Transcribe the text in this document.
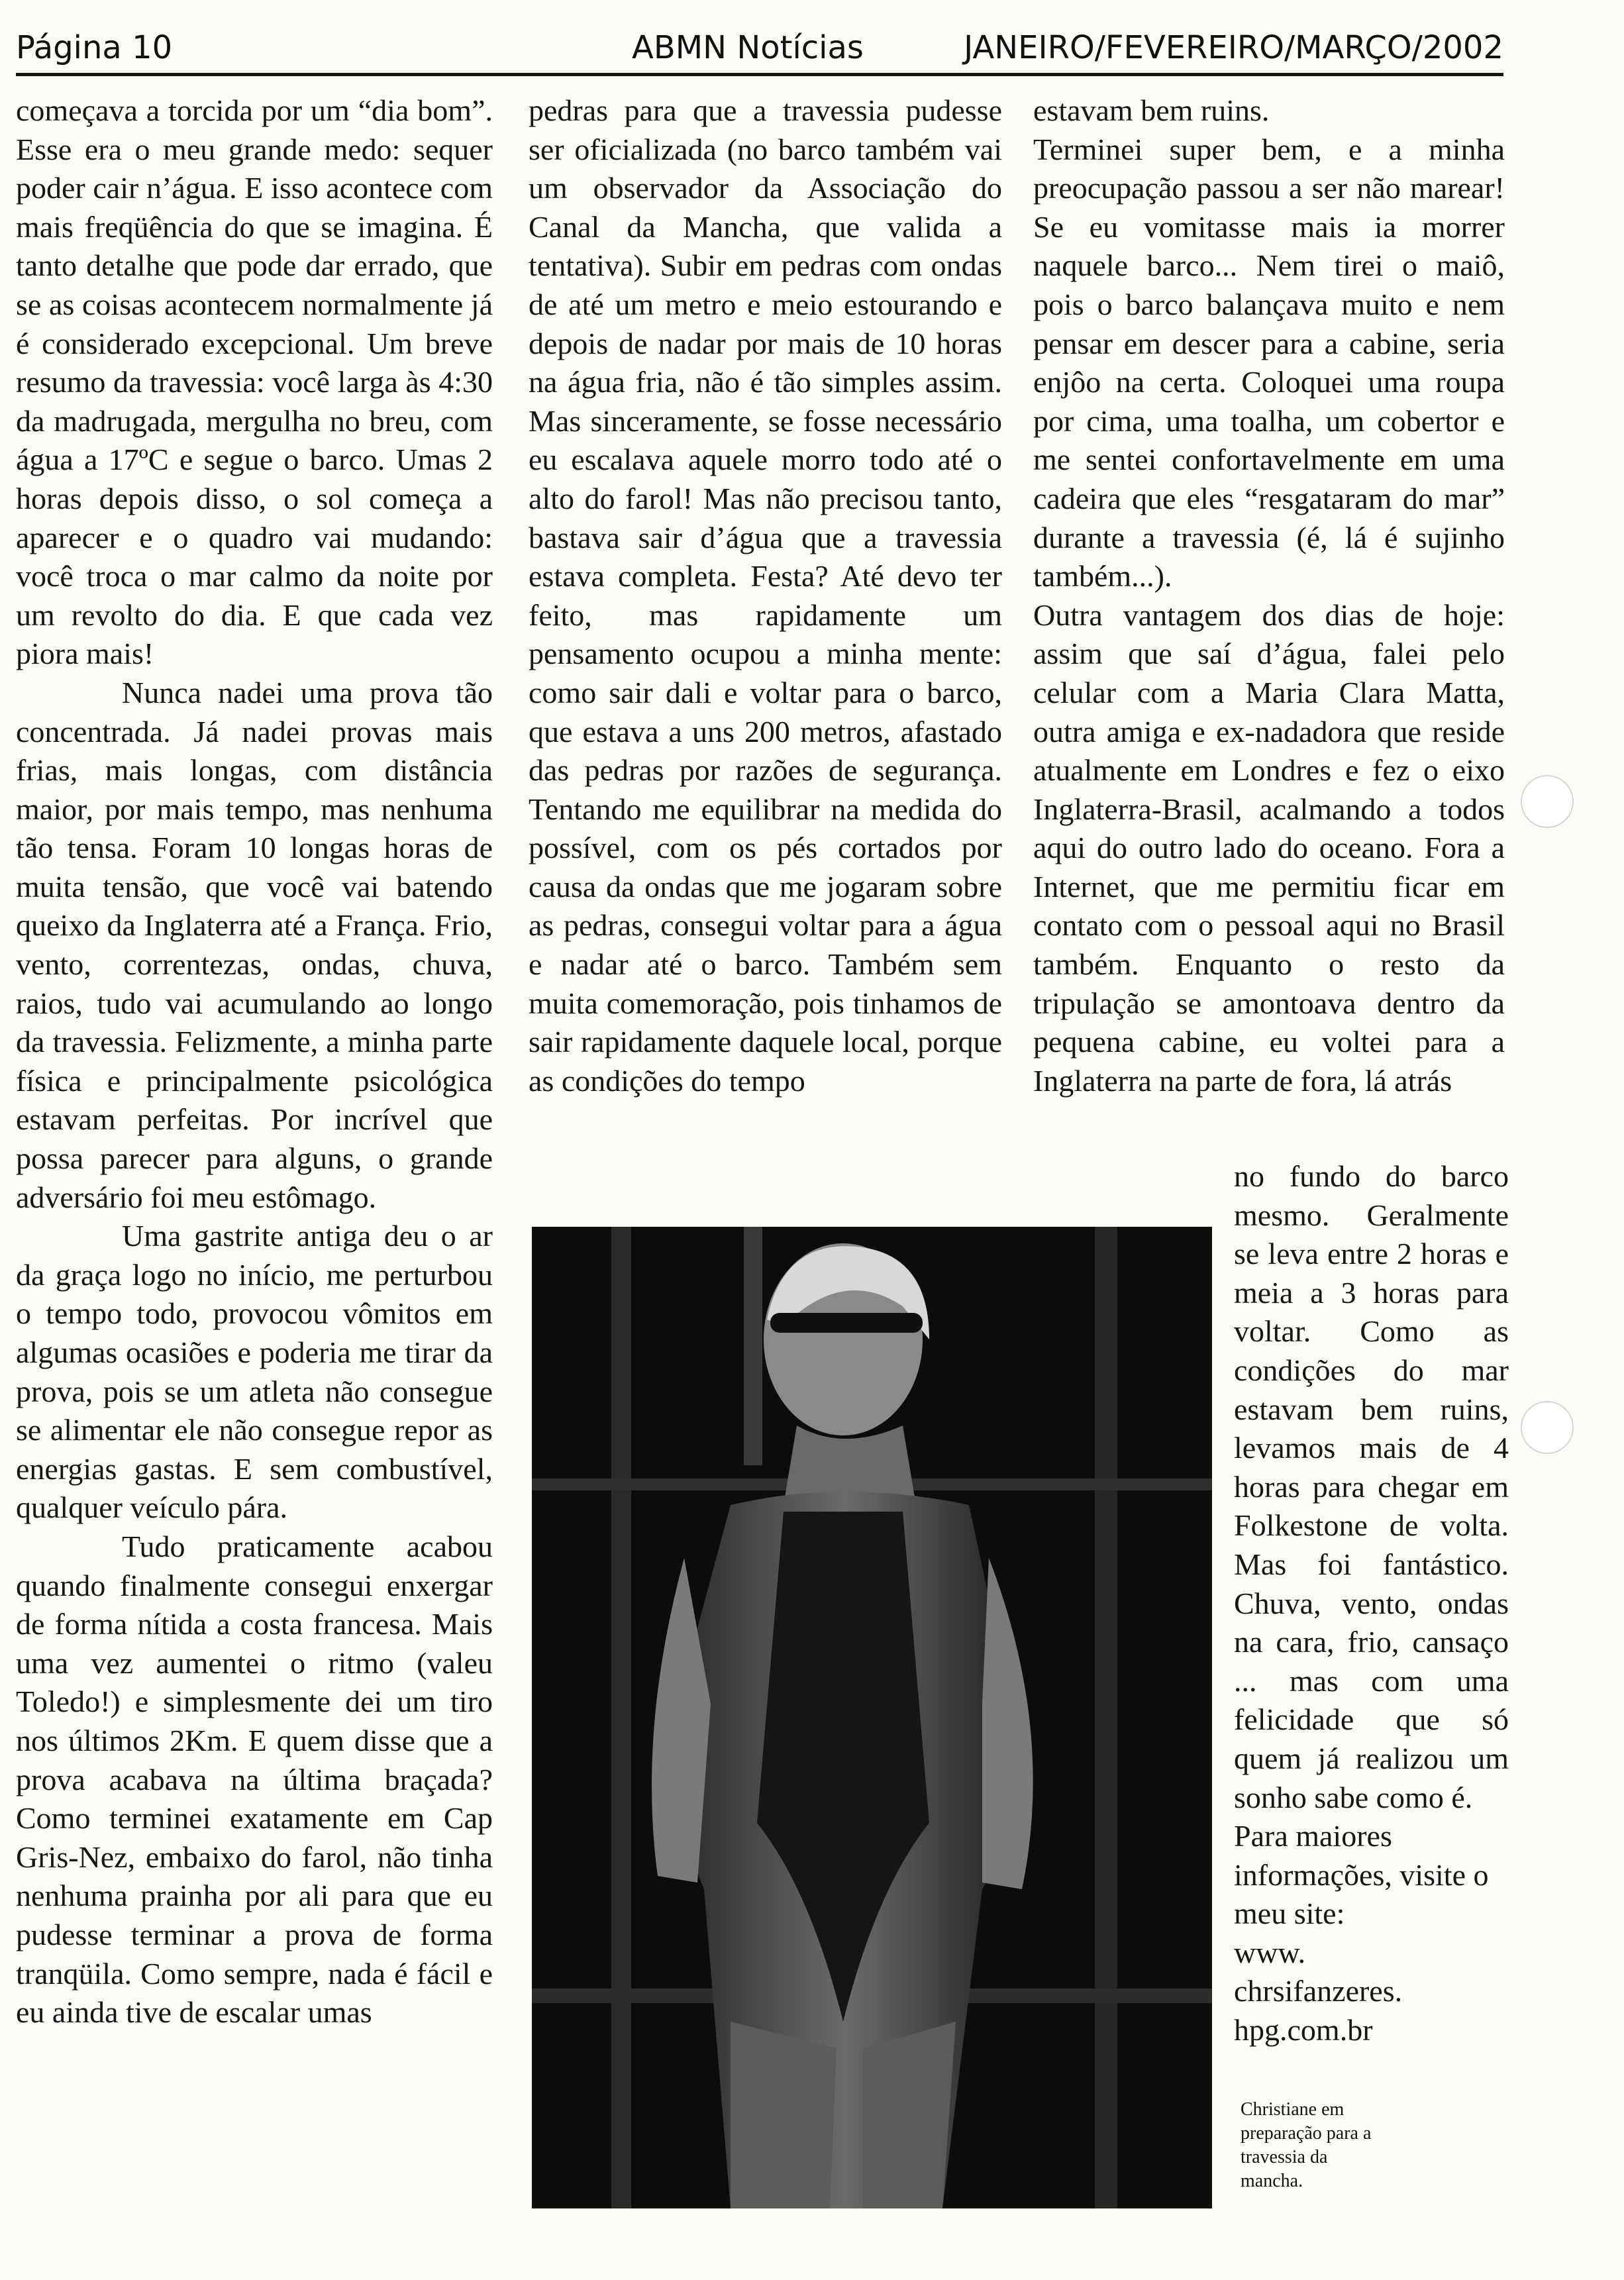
Página 10	ABMN Notícias	JANEIRO/FEVEREIRO/MARÇO/2002

começava a torcida por um “dia bom”. Esse era o meu grande medo: sequer poder cair n’água. E isso acontece com mais freqüência do que se imagina. É tanto detalhe que pode dar errado, que se as coisas acontecem normalmente já é considerado excepcional. Um breve resumo da travessia: você larga às 4:30 da madrugada, mergulha no breu, com água a 17ºC e segue o barco. Umas 2 horas depois disso, o sol começa a aparecer e o quadro vai mudando: você troca o mar calmo da noite por um revolto do dia. E que cada vez piora mais!

Nunca nadei uma prova tão concentrada. Já nadei provas mais frias, mais longas, com distância maior, por mais tempo, mas nenhuma tão tensa. Foram 10 longas horas de muita tensão, que você vai batendo queixo da Inglaterra até a França. Frio, vento, correntezas, ondas, chuva, raios, tudo vai acumulando ao longo da travessia. Felizmente, a minha parte física e principalmente psicológica estavam perfeitas. Por incrível que possa parecer para alguns, o grande adversário foi meu estômago.

Uma gastrite antiga deu o ar da graça logo no início, me perturbou o tempo todo, provocou vômitos em algumas ocasiões e poderia me tirar da prova, pois se um atleta não consegue se alimentar ele não consegue repor as energias gastas. E sem combustível, qualquer veículo pára.

Tudo praticamente acabou quando finalmente consegui enxergar de forma nítida a costa francesa. Mais uma vez aumentei o ritmo (valeu Toledo!) e simplesmente dei um tiro nos últimos 2Km. E quem disse que a prova acabava na última braçada? Como terminei exatamente em Cap Gris-Nez, embaixo do farol, não tinha nenhuma prainha por ali para que eu pudesse terminar a prova de forma tranqüila. Como sempre, nada é fácil e eu ainda tive de escalar umas

pedras para que a travessia pudesse ser oficializada (no barco também vai um observador da Associação do Canal da Mancha, que valida a tentativa). Subir em pedras com ondas de até um metro e meio estourando e depois de nadar por mais de 10 horas na água fria, não é tão simples assim. Mas sinceramente, se fosse necessário eu escalava aquele morro todo até o alto do farol! Mas não precisou tanto, bastava sair d’água que a travessia estava completa. Festa? Até devo ter feito, mas rapidamente um pensamento ocupou a minha mente: como sair dali e voltar para o barco, que estava a uns 200 metros, afastado das pedras por razões de segurança. Tentando me equilibrar na medida do possível, com os pés cortados por causa da ondas que me jogaram sobre as pedras, consegui voltar para a água e nadar até o barco. Também sem muita comemoração, pois tinhamos de sair rapidamente daquele local, porque as condições do tempo

estavam bem ruins.

Terminei super bem, e a minha preocupação passou a ser não marear! Se eu vomitasse mais ia morrer naquele barco... Nem tirei o maiô, pois o barco balançava muito e nem pensar em descer para a cabine, seria enjôo na certa. Coloquei uma roupa por cima, uma toalha, um cobertor e me sentei confortavelmente em uma cadeira que eles “resgataram do mar” durante a travessia (é, lá é sujinho também...).

Outra vantagem dos dias de hoje: assim que saí d’água, falei pelo celular com a Maria Clara Matta, outra amiga e ex-nadadora que reside atualmente em Londres e fez o eixo Inglaterra-Brasil, acalmando a todos aqui do outro lado do oceano. Fora a Internet, que me permitiu ficar em contato com o pessoal aqui no Brasil também. Enquanto o resto da tripulação se amontoava dentro da pequena cabine, eu voltei para a Inglaterra na parte de fora, lá atrás

no fundo do barco mesmo. Geralmente se leva entre 2 horas e meia a 3 horas para voltar. Como as condições do mar estavam bem ruins, levamos mais de 4 horas para chegar em Folkestone de volta. Mas foi fantástico. Chuva, vento, ondas na cara, frio, cansaço ... mas com uma felicidade que só quem já realizou um sonho sabe como é.

Para maiores informações, visite o meu site:

www.

chrsifanzeres.

hpg.com.br

Christiane em preparação para a travessia da mancha.
